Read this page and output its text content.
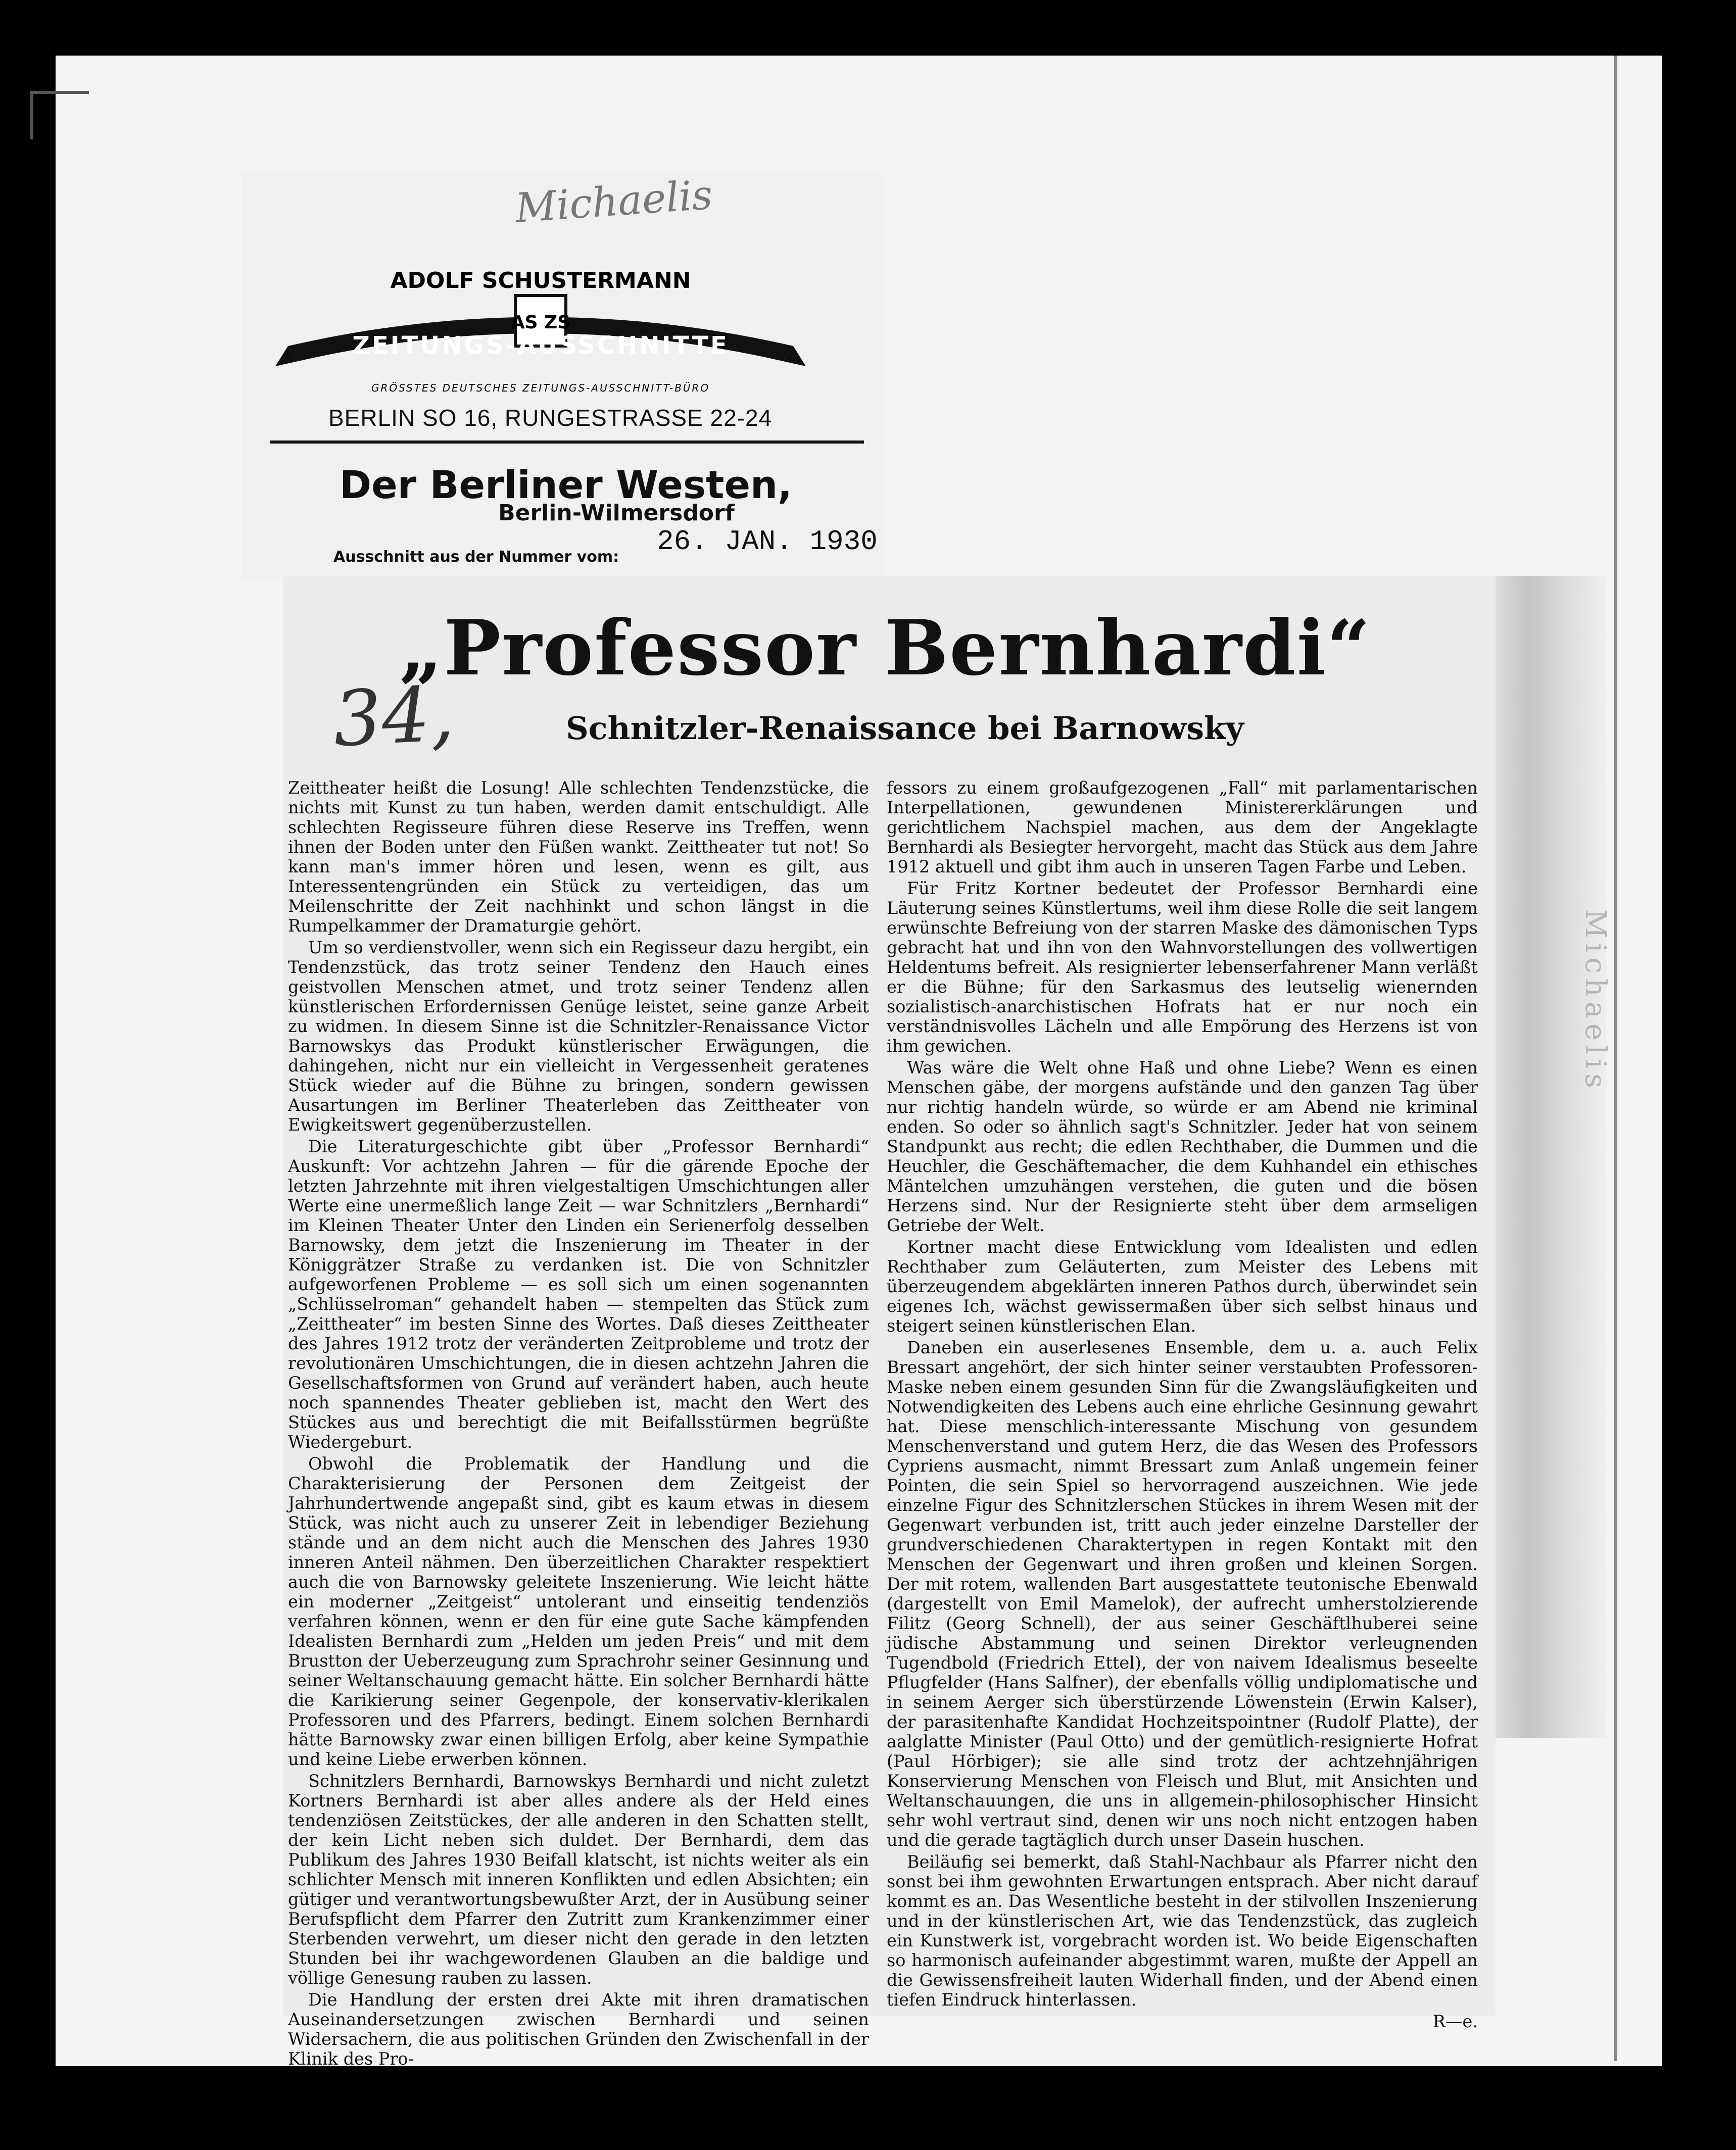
Michaelis
Michaelis
ADOLF SCHUSTERMANN
AS ZS
ZEITUNGS-AUSSCHNITTE
GRÖSSTES DEUTSCHES ZEITUNGS-AUSSCHNITT-BÜRO
BERLIN SO 16, RUNGESTRASSE 22-24
Der Berliner Westen,
Berlin-Wilmersdorf
Ausschnitt aus der Nummer vom:	26. JAN. 1930
„Professor Bernhardi“
Schnitzler-Renaissance bei Barnowsky
34,

Zeittheater heißt die Losung! Alle schlechten Tendenzstücke, die nichts mit Kunst zu tun haben, werden damit entschuldigt. Alle schlechten Regisseure führen diese Reserve ins Treffen, wenn ihnen der Boden unter den Füßen wankt. Zeittheater tut not! So kann man's immer hören und lesen, wenn es gilt, aus Interessentengründen ein Stück zu verteidigen, das um Meilenschritte der Zeit nachhinkt und schon längst in die Rumpelkammer der Dramaturgie gehört.

Um so verdienstvoller, wenn sich ein Regisseur dazu hergibt, ein Tendenzstück, das trotz seiner Tendenz den Hauch eines geistvollen Menschen atmet, und trotz seiner Tendenz allen künstlerischen Erfordernissen Genüge leistet, seine ganze Arbeit zu widmen. In diesem Sinne ist die Schnitzler-Renaissance Victor Barnowskys das Produkt künstlerischer Erwägungen, die dahingehen, nicht nur ein vielleicht in Vergessenheit geratenes Stück wieder auf die Bühne zu bringen, sondern gewissen Ausartungen im Berliner Theaterleben das Zeittheater von Ewigkeitswert gegenüberzustellen.

Die Literaturgeschichte gibt über „Professor Bernhardi“ Auskunft: Vor achtzehn Jahren — für die gärende Epoche der letzten Jahrzehnte mit ihren vielgestaltigen Umschichtungen aller Werte eine unermeßlich lange Zeit — war Schnitzlers „Bernhardi“ im Kleinen Theater Unter den Linden ein Serienerfolg desselben Barnowsky, dem jetzt die Inszenierung im Theater in der Königgrätzer Straße zu verdanken ist. Die von Schnitzler aufgeworfenen Probleme — es soll sich um einen sogenannten „Schlüsselroman“ gehandelt haben — stempelten das Stück zum „Zeittheater“ im besten Sinne des Wortes. Daß dieses Zeittheater des Jahres 1912 trotz der veränderten Zeitprobleme und trotz der revolutionären Umschichtungen, die in diesen achtzehn Jahren die Gesellschaftsformen von Grund auf verändert haben, auch heute noch spannendes Theater geblieben ist, macht den Wert des Stückes aus und berechtigt die mit Beifallsstürmen begrüßte Wiedergeburt.

Obwohl die Problematik der Handlung und die Charakterisierung der Personen dem Zeitgeist der Jahrhundertwende angepaßt sind, gibt es kaum etwas in diesem Stück, was nicht auch zu unserer Zeit in lebendiger Beziehung stände und an dem nicht auch die Menschen des Jahres 1930 inneren Anteil nähmen. Den überzeitlichen Charakter respektiert auch die von Barnowsky geleitete Inszenierung. Wie leicht hätte ein moderner „Zeitgeist“ untolerant und einseitig tendenziös verfahren können, wenn er den für eine gute Sache kämpfenden Idealisten Bernhardi zum „Helden um jeden Preis“ und mit dem Brustton der Ueberzeugung zum Sprachrohr seiner Gesinnung und seiner Weltanschauung gemacht hätte. Ein solcher Bernhardi hätte die Karikierung seiner Gegenpole, der konservativ-klerikalen Professoren und des Pfarrers, bedingt. Einem solchen Bernhardi hätte Barnowsky zwar einen billigen Erfolg, aber keine Sympathie und keine Liebe erwerben können.

Schnitzlers Bernhardi, Barnowskys Bernhardi und nicht zuletzt Kortners Bernhardi ist aber alles andere als der Held eines tendenziösen Zeitstückes, der alle anderen in den Schatten stellt, der kein Licht neben sich duldet. Der Bernhardi, dem das Publikum des Jahres 1930 Beifall klatscht, ist nichts weiter als ein schlichter Mensch mit inneren Konflikten und edlen Absichten; ein gütiger und verantwortungsbewußter Arzt, der in Ausübung seiner Berufspflicht dem Pfarrer den Zutritt zum Krankenzimmer einer Sterbenden verwehrt, um dieser nicht den gerade in den letzten Stunden bei ihr wachgewordenen Glauben an die baldige und völlige Genesung rauben zu lassen.

Die Handlung der ersten drei Akte mit ihren dramatischen Auseinandersetzungen zwischen Bernhardi und seinen Widersachern, die aus politischen Gründen den Zwischenfall in der Klinik des Pro-

fessors zu einem großaufgezogenen „Fall“ mit parlamentarischen Interpellationen, gewundenen Ministererklärungen und gerichtlichem Nachspiel machen, aus dem der Angeklagte Bernhardi als Besiegter hervorgeht, macht das Stück aus dem Jahre 1912 aktuell und gibt ihm auch in unseren Tagen Farbe und Leben.

Für Fritz Kortner bedeutet der Professor Bernhardi eine Läuterung seines Künstlertums, weil ihm diese Rolle die seit langem erwünschte Befreiung von der starren Maske des dämonischen Typs gebracht hat und ihn von den Wahnvorstellungen des vollwertigen Heldentums befreit. Als resignierter lebenserfahrener Mann verläßt er die Bühne; für den Sarkasmus des leutselig wienernden sozialistisch-anarchistischen Hofrats hat er nur noch ein verständnisvolles Lächeln und alle Empörung des Herzens ist von ihm gewichen.

Was wäre die Welt ohne Haß und ohne Liebe? Wenn es einen Menschen gäbe, der morgens aufstände und den ganzen Tag über nur richtig handeln würde, so würde er am Abend nie kriminal enden. So oder so ähnlich sagt's Schnitzler. Jeder hat von seinem Standpunkt aus recht; die edlen Rechthaber, die Dummen und die Heuchler, die Geschäftemacher, die dem Kuhhandel ein ethisches Mäntelchen umzuhängen verstehen, die guten und die bösen Herzens sind. Nur der Resignierte steht über dem armseligen Getriebe der Welt.

Kortner macht diese Entwicklung vom Idealisten und edlen Rechthaber zum Geläuterten, zum Meister des Lebens mit überzeugendem abgeklärten inneren Pathos durch, überwindet sein eigenes Ich, wächst gewissermaßen über sich selbst hinaus und steigert seinen künstlerischen Elan.

Daneben ein auserlesenes Ensemble, dem u. a. auch Felix Bressart angehört, der sich hinter seiner verstaubten Professoren-Maske neben einem gesunden Sinn für die Zwangsläufigkeiten und Notwendigkeiten des Lebens auch eine ehrliche Gesinnung gewahrt hat. Diese menschlich-interessante Mischung von gesundem Menschenverstand und gutem Herz, die das Wesen des Professors Cypriens ausmacht, nimmt Bressart zum Anlaß ungemein feiner Pointen, die sein Spiel so hervorragend auszeichnen. Wie jede einzelne Figur des Schnitzlerschen Stückes in ihrem Wesen mit der Gegenwart verbunden ist, tritt auch jeder einzelne Darsteller der grundverschiedenen Charaktertypen in regen Kontakt mit den Menschen der Gegenwart und ihren großen und kleinen Sorgen. Der mit rotem, wallenden Bart ausgestattete teutonische Ebenwald (dargestellt von Emil Mamelok), der aufrecht umherstolzierende Filitz (Georg Schnell), der aus seiner Geschäftlhuberei seine jüdische Abstammung und seinen Direktor verleugnenden Tugendbold (Friedrich Ettel), der von naivem Idealismus beseelte Pflugfelder (Hans Salfner), der ebenfalls völlig undiplomatische und in seinem Aerger sich überstürzende Löwenstein (Erwin Kalser), der parasitenhafte Kandidat Hochzeitspointner (Rudolf Platte), der aalglatte Minister (Paul Otto) und der gemütlich-resignierte Hofrat (Paul Hörbiger); sie alle sind trotz der achtzehnjährigen Konservierung Menschen von Fleisch und Blut, mit Ansichten und Weltanschauungen, die uns in allgemein-philosophischer Hinsicht sehr wohl vertraut sind, denen wir uns noch nicht entzogen haben und die gerade tagtäglich durch unser Dasein huschen.

Beiläufig sei bemerkt, daß Stahl-Nachbaur als Pfarrer nicht den sonst bei ihm gewohnten Erwartungen entsprach. Aber nicht darauf kommt es an. Das Wesentliche besteht in der stilvollen Inszenierung und in der künstlerischen Art, wie das Tendenzstück, das zugleich ein Kunstwerk ist, vorgebracht worden ist. Wo beide Eigenschaften so harmonisch aufeinander abgestimmt waren, mußte der Appell an die Gewissensfreiheit lauten Widerhall finden, und der Abend einen tiefen Eindruck hinterlassen.

R—e.
